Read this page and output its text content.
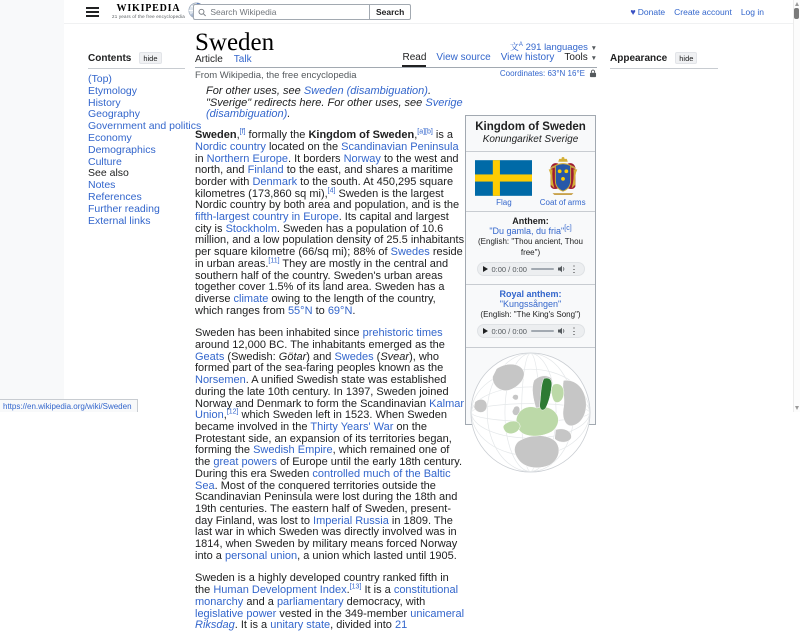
WIKIPEDIA
21 years of the free encyclopedia
Search Wikipedia	Search	♥ Donate Create account Log in
Contents	hide
(Top)
Etymology
History
Geography
Government and politics
Economy
Demographics
Culture
See also
Notes
References
Further reading
External links
Sweden	文$^A$ 291 languages ▼
Article Talk	Read View source View history Tools ▼
From Wikipedia, the free encyclopedia	Coordinates: 63°N 16°E
Appearance	hide
For other uses, see Sweden (disambiguation).
"Sverige" redirects here. For other uses, see Sverige (disambiguation).

Sweden,[f] formally the Kingdom of Sweden,[a][b] is a Nordic country located on the Scandinavian Peninsula in Northern Europe. It borders Norway to the west and north, and Finland to the east, and shares a maritime border with Denmark to the south. At 450,295 square kilometres (173,860 sq mi),[4] Sweden is the largest Nordic country by both area and population, and is the fifth-largest country in Europe. Its capital and largest city is Stockholm. Sweden has a population of 10.6 million, and a low population density of 25.5 inhabitants per square kilometre (66/sq mi); 88% of Swedes reside in urban areas.[11] They are mostly in the central and southern half of the country. Sweden's urban areas together cover 1.5% of its land area. Sweden has a diverse climate owing to the length of the country, which ranges from 55°N to 69°N.

Sweden has been inhabited since prehistoric times around 12,000 BC. The inhabitants emerged as the Geats (Swedish: Götar) and Swedes (Svear), who formed part of the sea-faring peoples known as the Norsemen. A unified Swedish state was established during the late 10th century. In 1397, Sweden joined Norway and Denmark to form the Scandinavian Kalmar Union,[12] which Sweden left in 1523. When Sweden became involved in the Thirty Years' War on the Protestant side, an expansion of its territories began, forming the Swedish Empire, which remained one of the great powers of Europe until the early 18th century. During this era Sweden controlled much of the Baltic Sea. Most of the conquered territories outside the Scandinavian Peninsula were lost during the 18th and 19th centuries. The eastern half of Sweden, present-day Finland, was lost to Imperial Russia in 1809. The last war in which Sweden was directly involved was in 1814, when Sweden by military means forced Norway into a personal union, a union which lasted until 1905.

Sweden is a highly developed country ranked fifth in the Human Development Index.[13] It is a constitutional monarchy and a parliamentary democracy, with legislative power vested in the 349-member unicameral Riksdag. It is a unitary state, divided into 21

Kingdom of Sweden
Konungariket Sverige
Flag	Coat of arms
Anthem:
"Du gamla, du fria"[c]
(English: "Thou ancient, Thou free")
0:00 / 0:00	⋮
Royal anthem:
"Kungssången"
(English: "The King's Song")
0:00 / 0:00	⋮
https://en.wikipedia.org/wiki/Sweden
